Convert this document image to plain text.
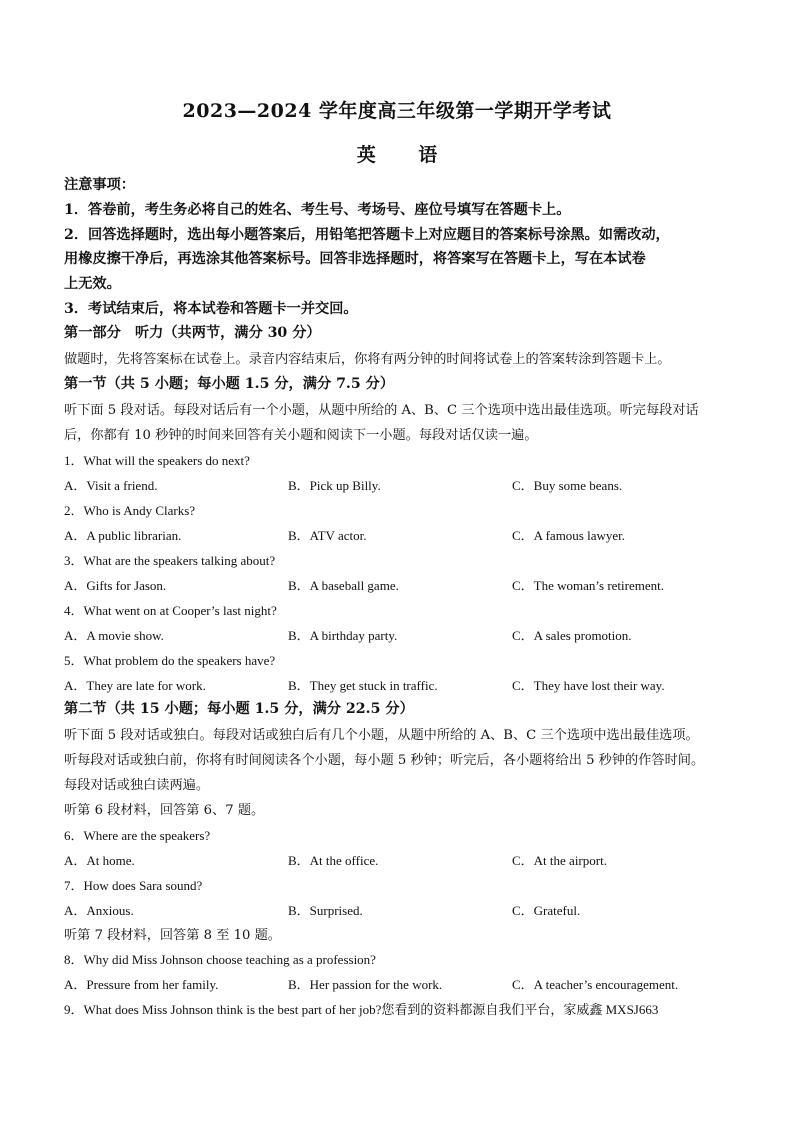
2023—2024 学年度高三年级第一学期开学考试
英 语
注意事项：
1．答卷前，考生务必将自己的姓名、考生号、考场号、座位号填写在答题卡上。
2．回答选择题时，选出每小题答案后，用铅笔把答题卡上对应题目的答案标号涂黑。如需改动，
用橡皮擦干净后，再选涂其他答案标号。回答非选择题时，将答案写在答题卡上，写在本试卷
上无效。
3．考试结束后，将本试卷和答题卡一并交回。
第一部分　听力（共两节，满分 30 分）
做题时，先将答案标在试卷上。录音内容结束后，你将有两分钟的时间将试卷上的答案转涂到答题卡上。
第一节（共 5 小题；每小题 1.5 分，满分 7.5 分）
听下面 5 段对话。每段对话后有一个小题，从题中所给的 A、B、C 三个选项中选出最佳选项。听完每段对话
后，你都有 10 秒钟的时间来回答有关小题和阅读下一小题。每段对话仅读一遍。
1．What will the speakers do next?
A．Visit a friend.	B．Pick up Billy.	C．Buy some beans.
2．Who is Andy Clarks?
A．A public librarian.	B．ATV actor.	C．A famous lawyer.
3．What are the speakers talking about?
A．Gifts for Jason.	B．A baseball game.	C．The woman’s retirement.
4．What went on at Cooper’s last night?
A．A movie show.	B．A birthday party.	C．A sales promotion.
5．What problem do the speakers have?
A．They are late for work.	B．They get stuck in traffic.	C．They have lost their way.
第二节（共 15 小题；每小题 1.5 分，满分 22.5 分）
听下面 5 段对话或独白。每段对话或独白后有几个小题，从题中所给的 A、B、C 三个选项中选出最佳选项。
听每段对话或独白前，你将有时间阅读各个小题，每小题 5 秒钟；听完后，各小题将给出 5 秒钟的作答时间。
每段对话或独白读两遍。
听第 6 段材料，回答第 6、7 题。
6．Where are the speakers?
A．At home.	B．At the office.	C．At the airport.
7．How does Sara sound?
A．Anxious.	B．Surprised.	C．Grateful.
听第 7 段材料，回答第 8 至 10 题。
8．Why did Miss Johnson choose teaching as a profession?
A．Pressure from her family.	B．Her passion for the work.	C．A teacher’s encouragement.
9．What does Miss Johnson think is the best part of her job?您看到的资料都源自我们平台，家威鑫 MXSJ663
